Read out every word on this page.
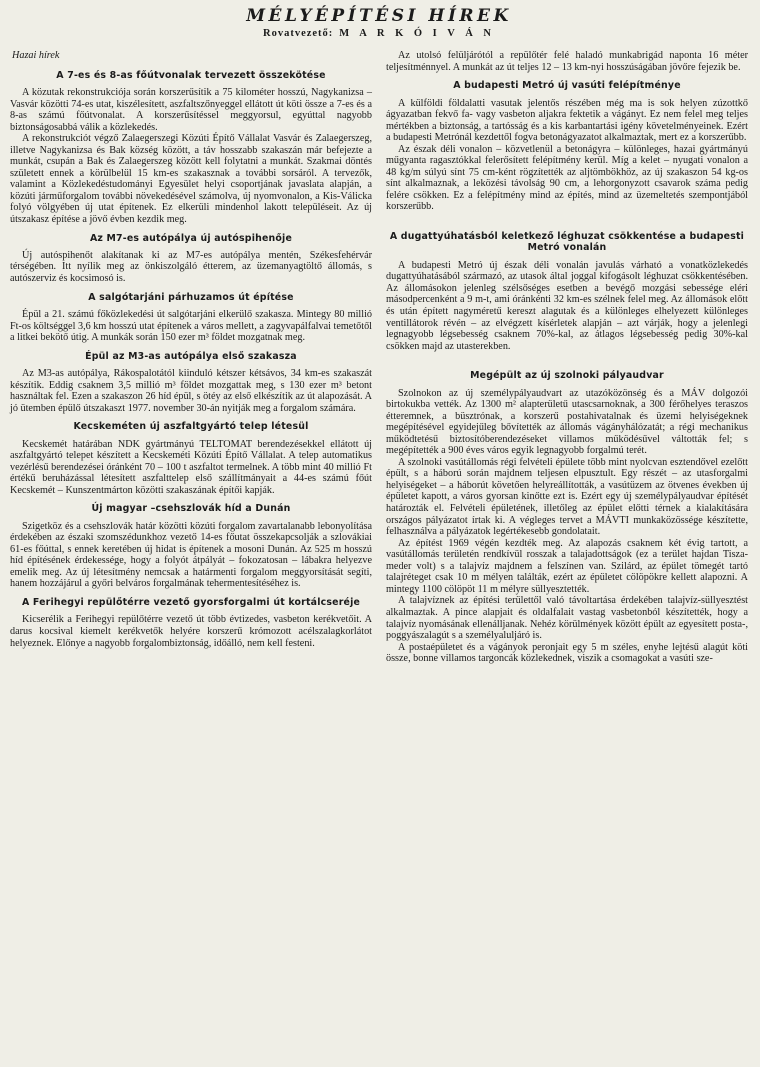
MÉLYÉPÍTÉSI HÍREK
Rovatvezető: M A R K Ó I V Á N
Hazai hírek
A 7-es és 8-as főútvonalak tervezett összekötése

A közutak rekonstrukciója során korszerűsítik a 75 kilométer hosszú, Nagykanizsa –Vasvár közötti 74-es utat, kiszélesített, aszfaltszőnyeggel ellátott út köti össze a 7-es és a 8-as számú főútvonalat. A korszerűsítéssel meggyorsul, egyúttal nagyobb biztonságosabbá válik a közlekedés.

A rekonstrukciót végző Zalaegerszegi Közúti Építő Vállalat Vasvár és Zalaegerszeg, illetve Nagykanizsa és Bak község között, a táv hosszabb szakaszán már befejezte a munkát, csupán a Bak és Zalaegerszeg között kell folytatni a munkát. Szakmai döntés született ennek a körülbelül 15 km-es szakasznak a további sorsáról. A tervezők, valamint a Közlekedéstudományi Egyesület helyi csoportjának javaslata alapján, a közúti járműforgalom további növekedésével számolva, új nyomvonalon, a Kis-Válicka folyó völgyében új utat építenek. Ez elkerüli mindenhol lakott településeit. Az új útszakasz építése a jövő évben kezdik meg.

Az M7-es autópálya új autóspihenője

Új autóspihenőt alakítanak ki az M7-es autópálya mentén, Székesfehérvár térségében. Itt nyílik meg az önkiszolgáló étterem, az üzemanyagtöltő állomás, s autószerviz és kocsimosó is.

A salgótarjáni párhuzamos út építése

Épül a 21. számú főközlekedési út salgótarjáni elkerülő szakasza. Mintegy 80 millió Ft-os költséggel 3,6 km hosszú utat építenek a város mellett, a zagyvapálfalvai temetőtől a litkei bekötő útig. A munkák során 150 ezer m³ földet mozgatnak meg.

Épül az M3-as autópálya első szakasza

Az M3-as autópálya, Rákospalotától kiinduló kétszer kétsávos, 34 km-es szakaszát készítik. Eddig csaknem 3,5 millió m³ földet mozgattak meg, s 130 ezer m³ betont használtak fel. Ezen a szakaszon 26 híd épül, s ötéy az első elkészítik az út alapozását. A jó ütemben épülő útszakaszt 1977. november 30-án nyitják meg a forgalom számára.

Kecskeméten új aszfaltgyártó telep létesül

Kecskemét határában NDK gyártmányú TELTOMAT berendezésekkel ellátott új aszfaltgyártó telepet készített a Kecskeméti Közúti Építő Vállalat. A telep automatikus vezérlésű berendezései óránként 70 – 100 t aszfaltot termelnek. A több mint 40 millió Ft értékű beruházással létesített aszfalttelep első szállítmányait a 44-es számú főút Kecskemét – Kunszentmárton közötti szakaszának építői kapják.

Új magyar –csehszlovák híd a Dunán

Szigetköz és a csehszlovák határ közötti közúti forgalom zavartalanabb lebonyolítása érdekében az északi szomszédunkhoz vezető 14-es főutat összekapcsolják a szlovákiai 61-es főúttal, s ennek keretében új hidat is építenek a mosoni Dunán. Az 525 m hosszú híd építésének érdekessége, hogy a folyót átpályát – fokozatosan – lábakra helyezve emelik meg. Az új létesítmény nemcsak a határmenti forgalom meggyorsítását segíti, hanem hozzájárul a győri belváros forgalmának tehermentesítéséhez is.

A Ferihegyi repülőtérre vezető gyorsforgalmi út kortálcseréje

Kicserélik a Ferihegyi repülőtérre vezető út több évtizedes, vasbeton kerékvetőit. A darus kocsival kiemelt kerékvetők helyére korszerű krómozott acélszalagkorlátot helyeznek. Előnye a nagyobb forgalombiztonság, időálló, nem kell festeni.

Az utolsó felüljárótól a repülőtér felé haladó munkabrigád naponta 16 méter teljesítménnyel. A munkát az út teljes 12 – 13 km-nyi hosszúságában jövőre fejezik be.

A budapesti Metró új vasúti felépítménye

A külföldi földalatti vasutak jelentős részében még ma is sok helyen zúzottkő ágyazatban fekvő fa- vagy vasbeton aljakra fektetik a vágányt. Ez nem felel meg teljes mértékben a biztonság, a tartósság és a kis karbantartási igény követelményeinek. Ezért a budapesti Metrónál kezdettől fogva betonágyazatot alkalmaztak, mert ez a korszerűbb.

Az észak déli vonalon – közvetlenül a betonágyra – különleges, hazai gyártmányú műgyanta ragasztókkal felerősített felépítmény kerül. Míg a kelet – nyugati vonalon a 48 kg/m súlyú sínt 75 cm-ként rögzítették az aljtömbökhöz, az új szakaszon 54 kg-os sínt alkalmaznak, a leközési távolság 90 cm, a lehorgonyzott csavarok száma pedig felére csökken. Ez a felépítmény mind az építés, mind az üzemeltetés szempontjából korszerűbb.

A dugattyúhatásból keletkező léghuzat csökkentése a budapesti Metró vonalán

A budapesti Metró új észak déli vonalán javulás várható a vonatközlekedés dugattyúhatásából származó, az utasok által joggal kifogásolt léghuzat csökkentésében. Az állomásokon jelenleg szélsőséges esetben a bevégő mozgási sebessége eléri másodpercenként a 9 m-t, ami óránkénti 32 km-es szélnek felel meg. Az állomások előtt és után épített nagyméretű kereszt alagutak és a különleges elhelyezett különleges ventillátorok révén – az elvégzett kísérletek alapján – azt várják, hogy a jelenlegi legnagyobb légsebesség csaknem 70%-kal, az átlagos légsebesség pedig 30%-kal csökken majd az utasterekben.

Megépült az új szolnoki pályaudvar

Szolnokon az új személypályaudvart az utazóközönség és a MÁV dolgozói birtokukba vették. Az 1300 m² alapterületű utascsarnoknak, a 300 férőhelyes teraszos étteremnek, a büsztrónak, a korszerű postahivatalnak és üzemi helyiségeknek megépítésével egyidejűleg bővítették az állomás vágányhálózatát; a régi mechanikus működtetésű biztosítóberendezéseket villamos működésűvel váltották fel; s megépítették a 900 éves város egyik legnagyobb forgalmú terét.

A szolnoki vasútállomás régi felvételi épülete több mint nyolcvan esztendővel ezelőtt épült, s a háború során majdnem teljesen elpusztult. Egy részét – az utasforgalmi helyiségeket – a háborút követően helyreállították, a vasútüzem az ötvenes években új épületet kapott, a város gyorsan kinőtte ezt is. Ezért egy új személypályaudvar építését határozták el. Felvételi épületének, illetőleg az épület előtti térnek a kialakítására országos pályázatot írtak ki. A végleges tervet a MÁVTI munkaközössége készítette, felhasználva a pályázatok legértékesebb gondolatait.

Az építést 1969 végén kezdték meg. Az alapozás csaknem két évig tartott, a vasútállomás területén rendkívül rosszak a talajadottságok (ez a terület hajdan Tisza-meder volt) s a talajvíz majdnem a felszínen van. Szilárd, az épület tömegét tartó talajréteget csak 10 m mélyen találták, ezért az épületet cölöpökre kellett alapozni. A mintegy 1100 cölöpöt 11 m mélyre süllyesztették.

A talajvíznek az építési területtől való távoltartása érdekében talajvíz-süllyesztést alkalmaztak. A pince alapjait és oldalfalait vastag vasbetonból készítették, hogy a talajvíz nyomásának ellenálljanak. Nehéz körülmények között épült az egyesített posta-, poggyászalagút s a személyaluljáró is.

A postaépületet és a vágányok peronjait egy 5 m széles, enyhe lejtésű alagút köti össze, bonne villamos targoncák közlekednek, viszik a csomagokat a vasúti sze-
